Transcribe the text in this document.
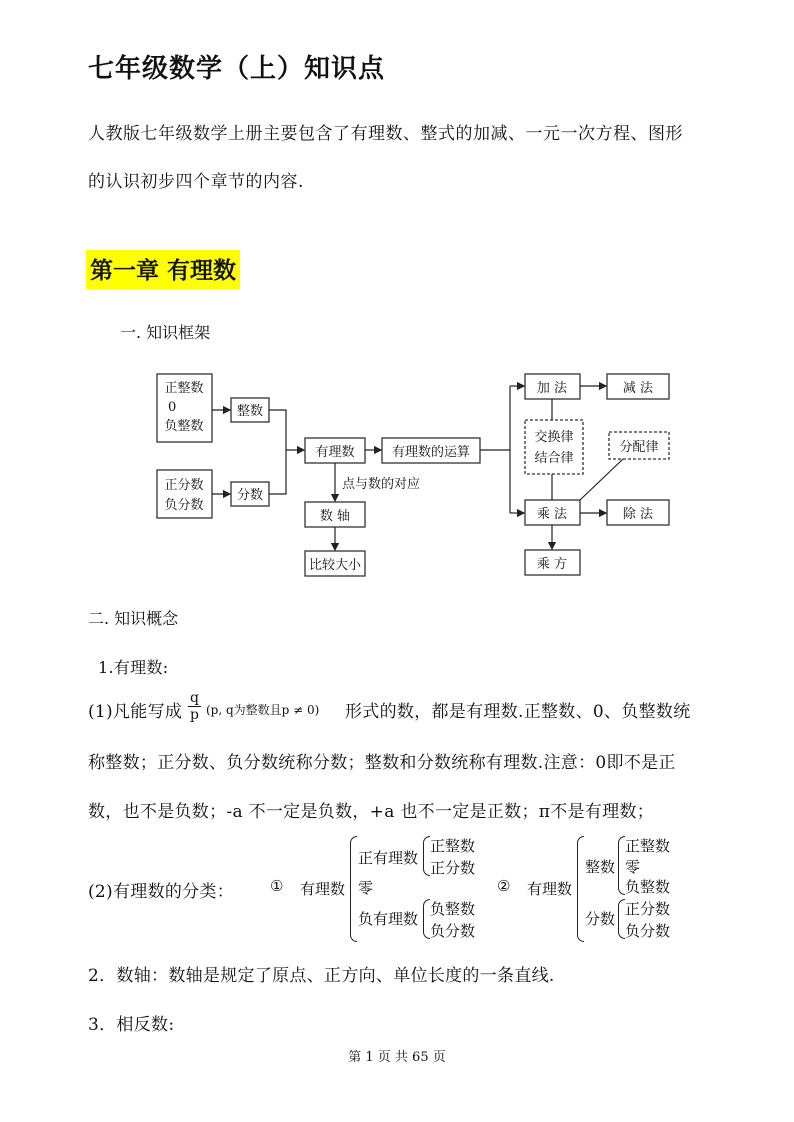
七年级数学（上）知识点
人教版七年级数学上册主要包含了有理数、整式的加减、一元一次方程、图形
的认识初步四个章节的内容.
第一章 有理数
一. 知识框架
正整数
0
负整数
整数
正分数
负分数
分数
有理数	有理数的运算
点与数的对应
数 轴
比较大小
加 法	减 法
交换律
结合律
分配律
乘 法	除 法
乘 方
二. 知识概念
1.有理数:
(1)凡能写成 $\frac{q}{p} (p$, q为整数且p ≠ 0) 形式的数，都是有理数.正整数、0、负整数统
称整数；正分数、负分数统称分数；整数和分数统称有理数.注意：0即不是正
数，也不是负数；-a 不一定是负数，+a 也不一定是正数；π不是有理数；
(2)有理数的分类： ① 有理数
正有理数
正整数
正分数
零
负有理数
负整数
负分数
② 有理数
整数
正整数
零
负整数
分数
正分数
负分数
2．数轴：数轴是规定了原点、正方向、单位长度的一条直线.
3．相反数:
第 1 页 共 65 页
